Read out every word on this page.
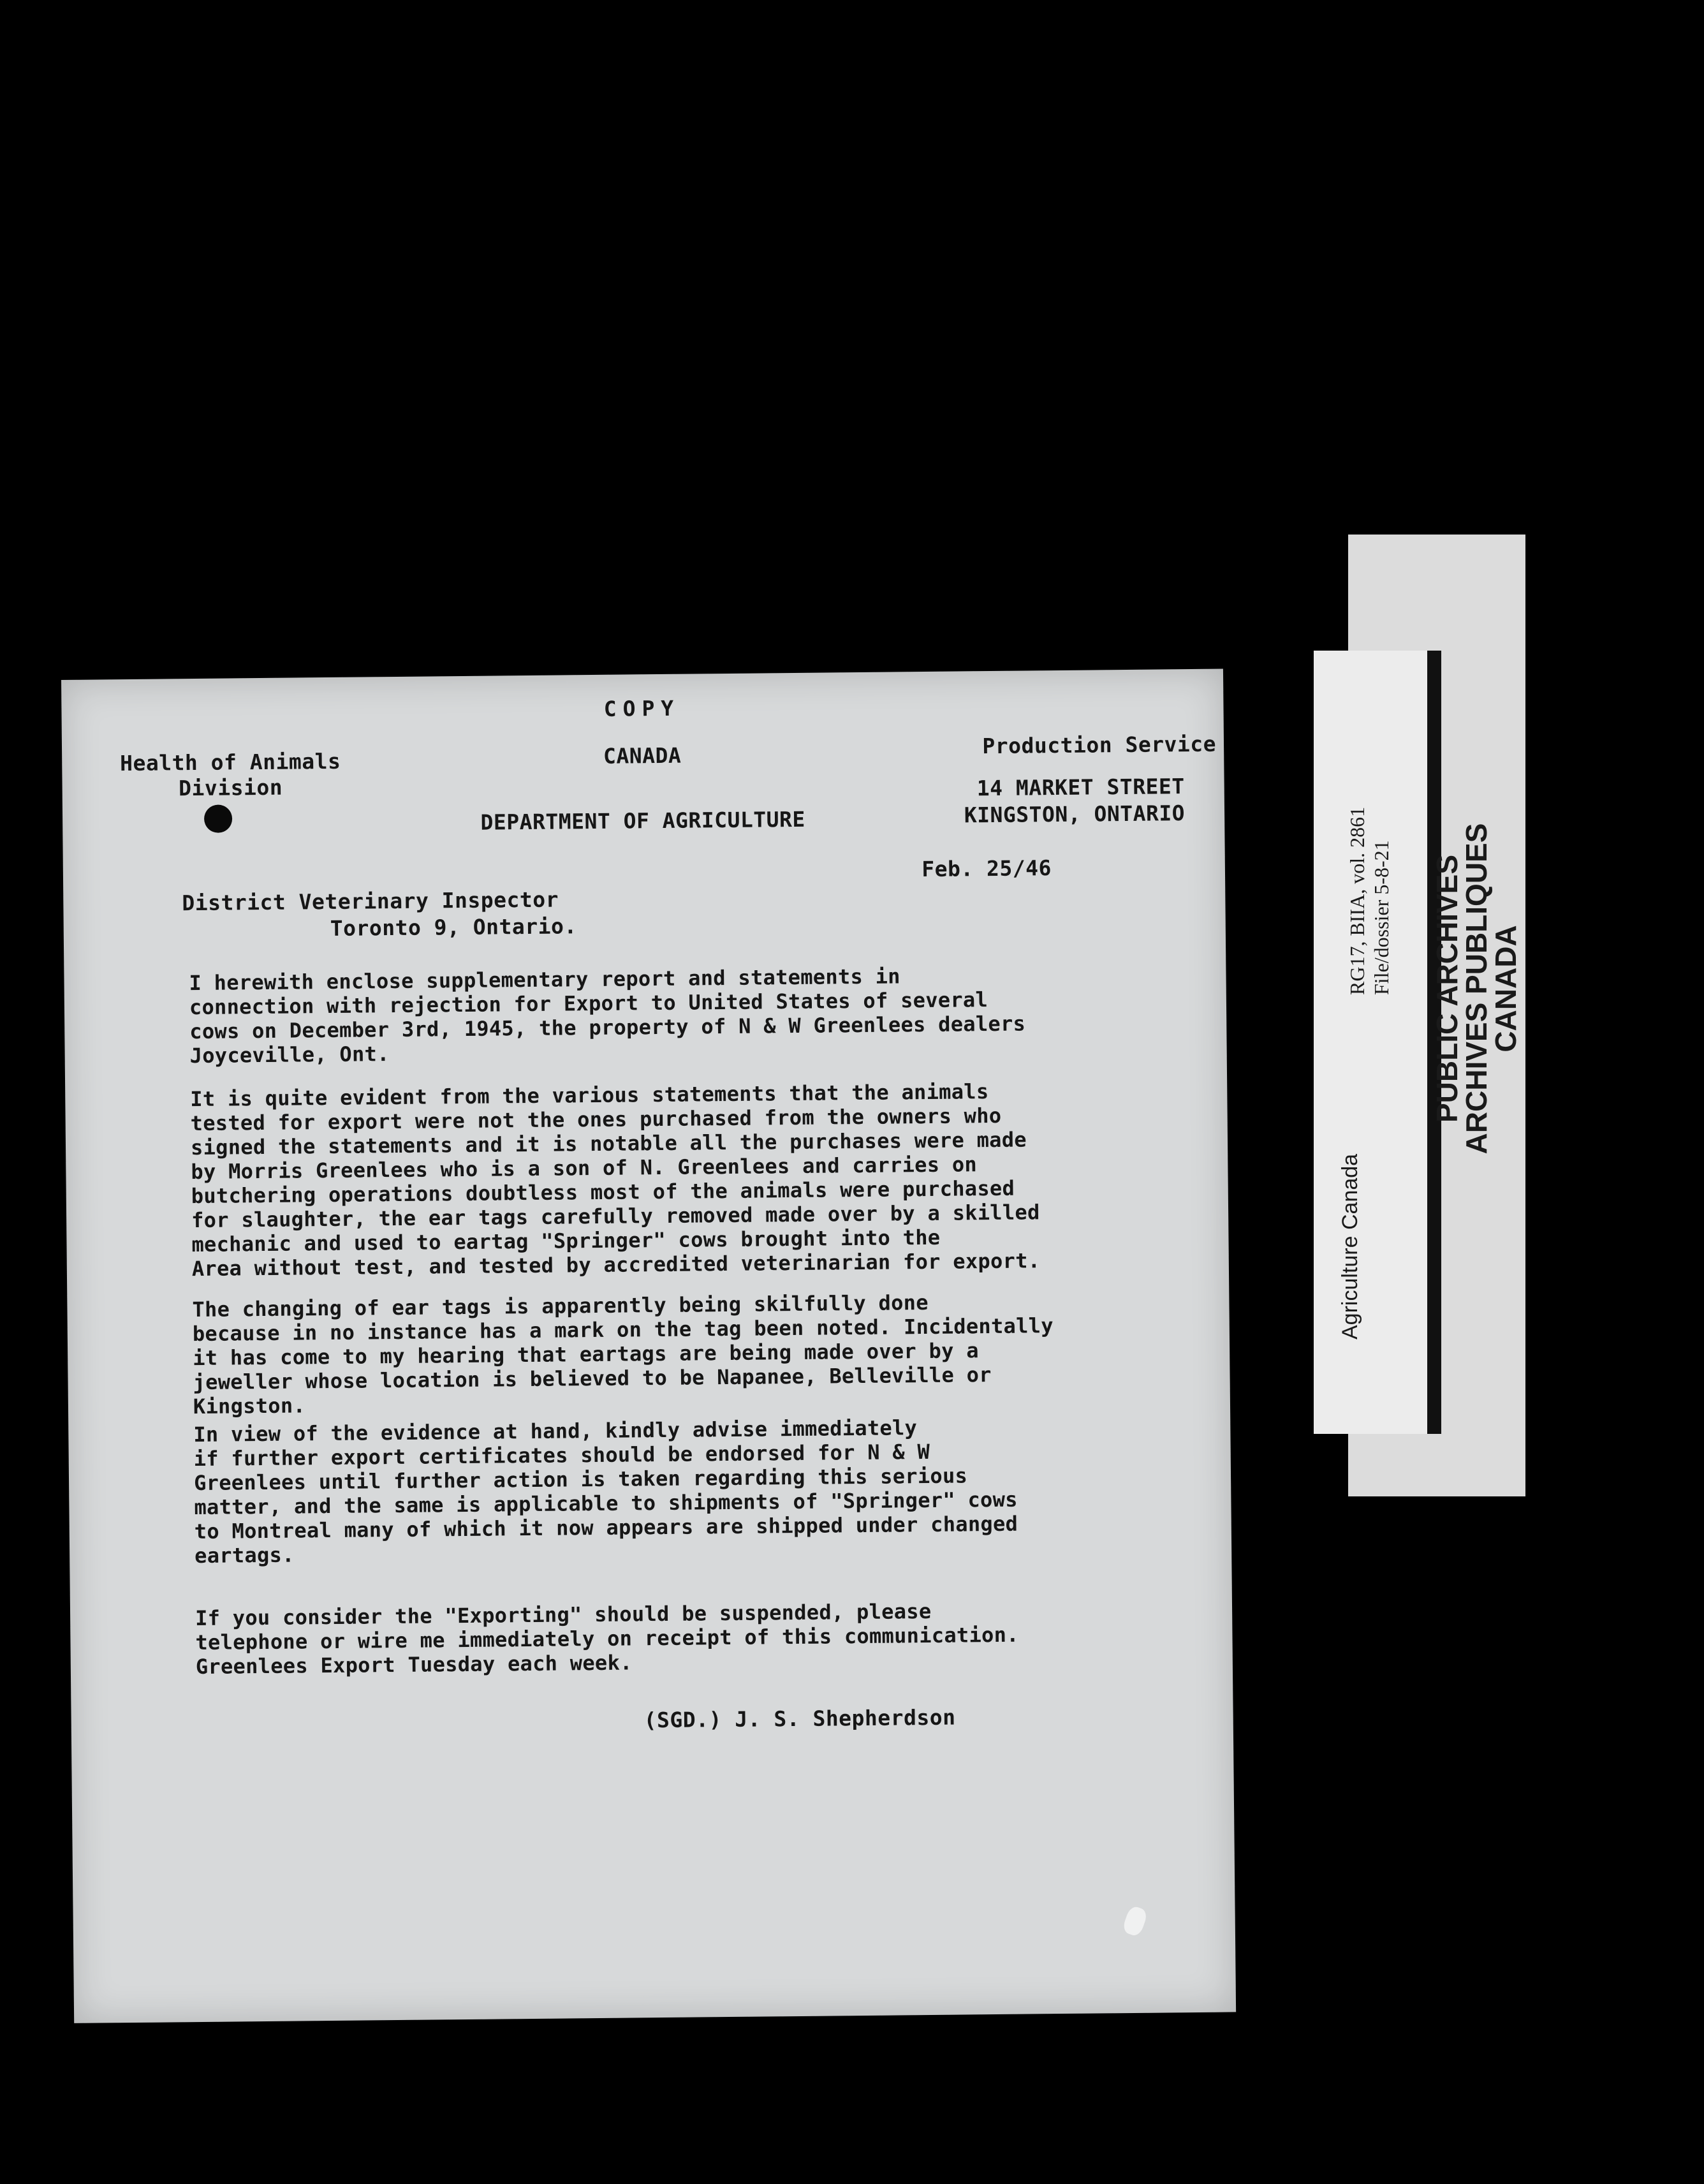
Agriculture Canada
RG17, BIIA, vol. 2861 File/dossier 5-8-21 PUBLIC ARCHIVES
ARCHIVES PUBLIQUES
CANADA
COPY
CANADA
Health of Animals
Division
DEPARTMENT OF AGRICULTURE
Production Service
14 MARKET STREET
KINGSTON, ONTARIO
Feb. 25/46
District Veterinary Inspector
Toronto 9, Ontario.
I herewith enclose supplementary report and statements in
connection with rejection for Export to United States of several
cows on December 3rd, 1945, the property of N & W Greenlees dealers
Joyceville, Ont.
It is quite evident from the various statements that the animals
tested for export were not the ones purchased from the owners who
signed the statements and it is notable all the purchases were made
by Morris Greenlees who is a son of N. Greenlees and carries on
butchering operations doubtless most of the animals were purchased
for slaughter, the ear tags carefully removed made over by a skilled
mechanic and used to eartag "Springer" cows brought into the
Area without test, and tested by accredited veterinarian for export.
The changing of ear tags is apparently being skilfully done
because in no instance has a mark on the tag been noted. Incidentally
it has come to my hearing that eartags are being made over by a
jeweller whose location is believed to be Napanee, Belleville or
Kingston.
In view of the evidence at hand, kindly advise immediately
if further export certificates should be endorsed for N & W
Greenlees until further action is taken regarding this serious
matter, and the same is applicable to shipments of "Springer" cows
to Montreal many of which it now appears are shipped under changed
eartags.
If you consider the "Exporting" should be suspended, please
telephone or wire me immediately on receipt of this communication.
Greenlees Export Tuesday each week.
(SGD.) J. S. Shepherdson
